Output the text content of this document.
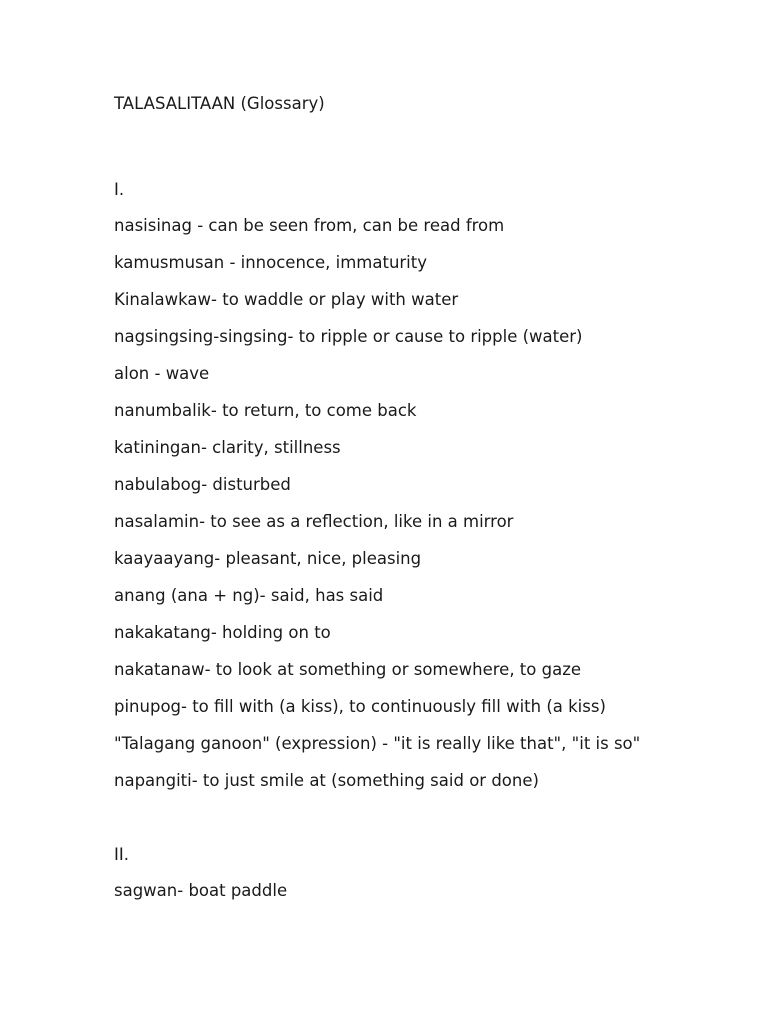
TALASALITAAN (Glossary)

I.

nasisinag - can be seen from, can be read from

kamusmusan - innocence, immaturity

Kinalawkaw- to waddle or play with water

nagsingsing-singsing- to ripple or cause to ripple (water)

alon - wave

nanumbalik- to return, to come back

katiningan- clarity, stillness

nabulabog- disturbed

nasalamin- to see as a reflection, like in a mirror

kaayaayang- pleasant, nice, pleasing

anang (ana + ng)- said, has said

nakakatang- holding on to

nakatanaw- to look at something or somewhere, to gaze

pinupog- to fill with (a kiss), to continuously fill with (a kiss)

"Talagang ganoon" (expression) - "it is really like that", "it is so"

napangiti- to just smile at (something said or done)

II.

sagwan- boat paddle
